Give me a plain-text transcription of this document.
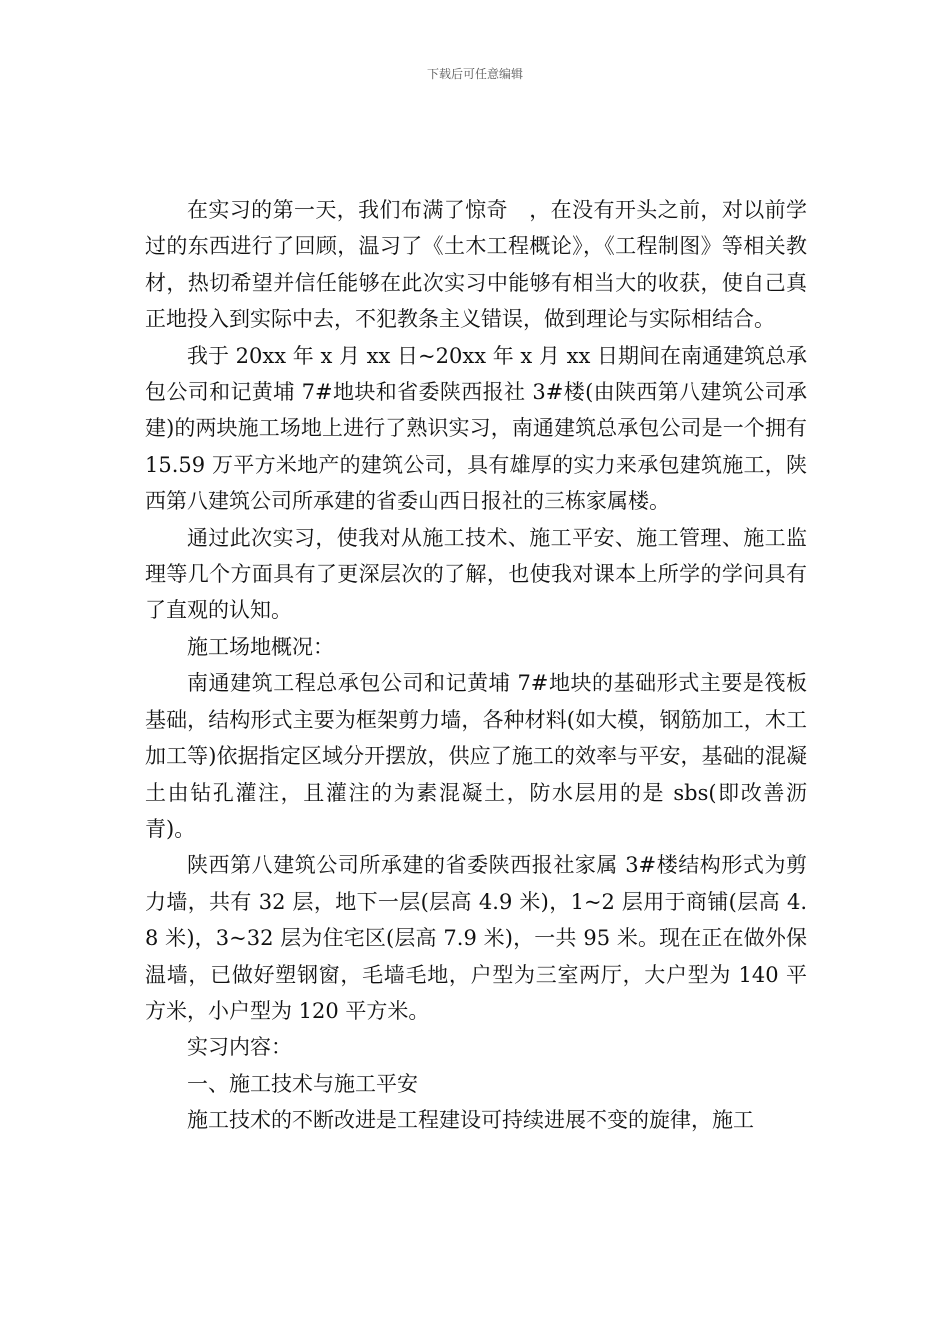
下载后可任意编辑

在实习的第一天，我们布满了惊奇　，在没有开头之前，对以前学过的东西进行了回顾，温习了《土木工程概论》，《工程制图》等相关教材，热切希望并信任能够在此次实习中能够有相当大的收获，使自己真正地投入到实际中去，不犯教条主义错误，做到理论与实际相结合。

我于 20xx 年 x 月 xx 日~20xx 年 x 月 xx 日期间在南通建筑总承包公司和记黄埔 7#地块和省委陕西报社 3#楼(由陕西第八建筑公司承建)的两块施工场地上进行了熟识实习，南通建筑总承包公司是一个拥有 15.59 万平方米地产的建筑公司，具有雄厚的实力来承包建筑施工，陕西第八建筑公司所承建的省委山西日报社的三栋家属楼。

通过此次实习，使我对从施工技术、施工平安、施工管理、施工监理等几个方面具有了更深层次的了解，也使我对课本上所学的学问具有了直观的认知。

施工场地概况：

南通建筑工程总承包公司和记黄埔 7#地块的基础形式主要是筏板基础，结构形式主要为框架剪力墙，各种材料(如大模，钢筋加工，木工加工等)依据指定区域分开摆放，供应了施工的效率与平安，基础的混凝土由钻孔灌注，且灌注的为素混凝土，防水层用的是 sbs(即改善沥青)。

陕西第八建筑公司所承建的省委陕西报社家属 3#楼结构形式为剪力墙，共有 32 层，地下一层(层高 4.9 米)，1~2 层用于商铺(层高 4.8 米)，3~32 层为住宅区(层高 7.9 米)，一共 95 米。现在正在做外保温墙，已做好塑钢窗，毛墙毛地，户型为三室两厅，大户型为 140 平方米，小户型为 120 平方米。

实习内容：

一、施工技术与施工平安

施工技术的不断改进是工程建设可持续进展不变的旋律，施工
